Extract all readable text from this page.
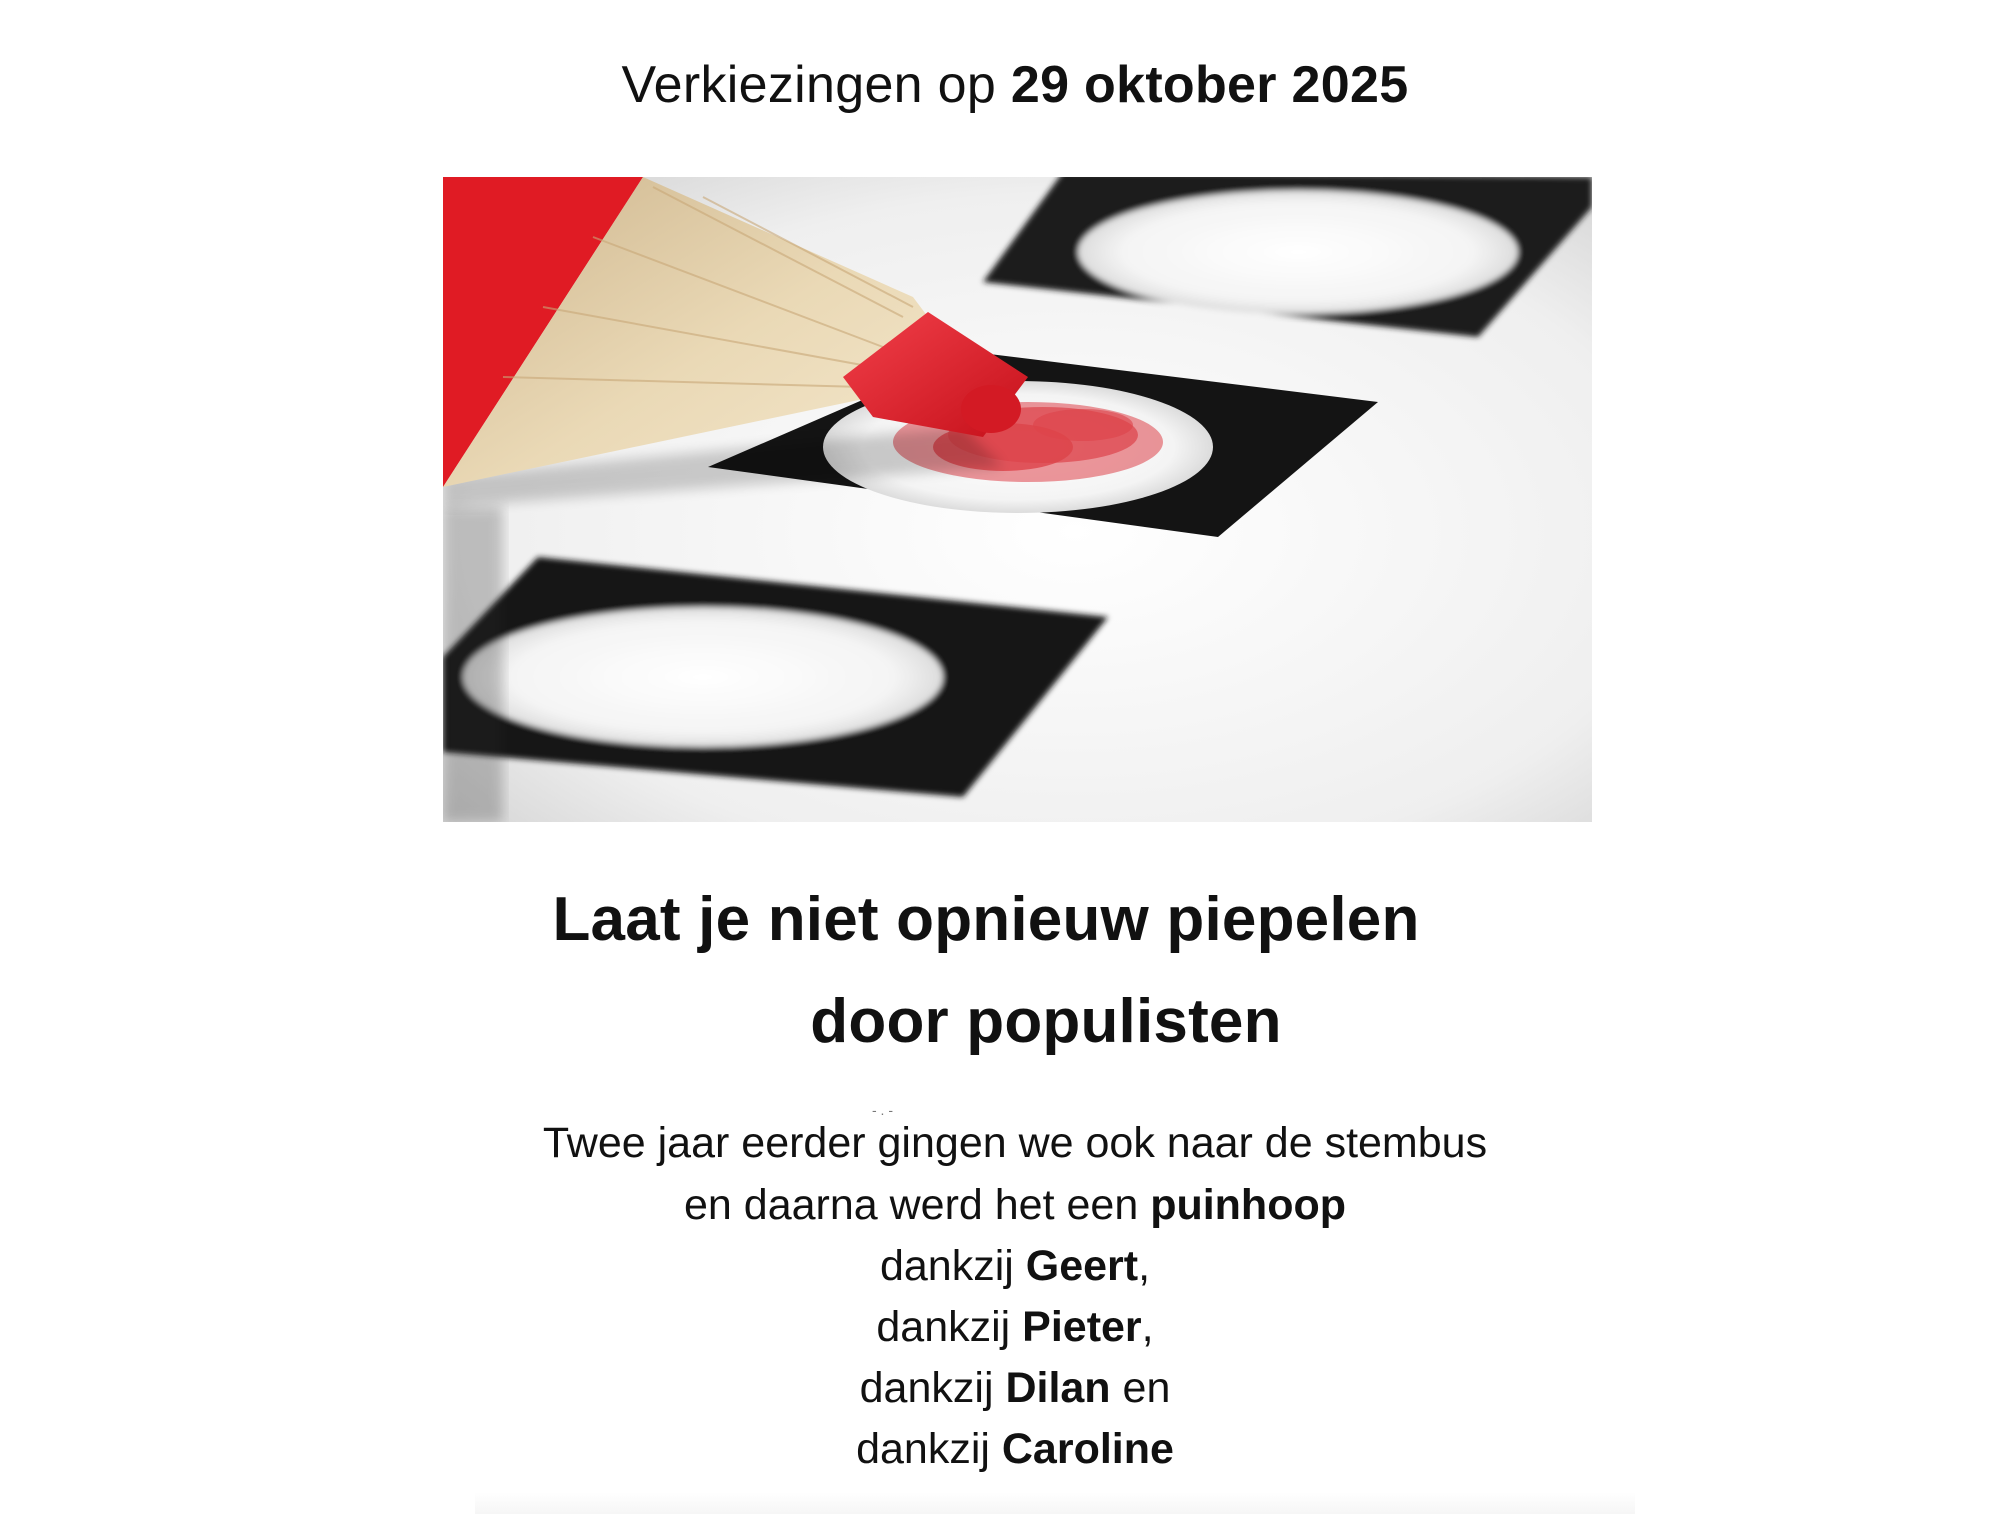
Verkiezingen op 29 oktober 2025
Laat je niet opnieuw piepelen
door populisten
- . -
Twee jaar eerder gingen we ook naar de stembus
en daarna werd het een puinhoop
dankzij Geert,
dankzij Pieter,
dankzij Dilan en
dankzij Caroline
